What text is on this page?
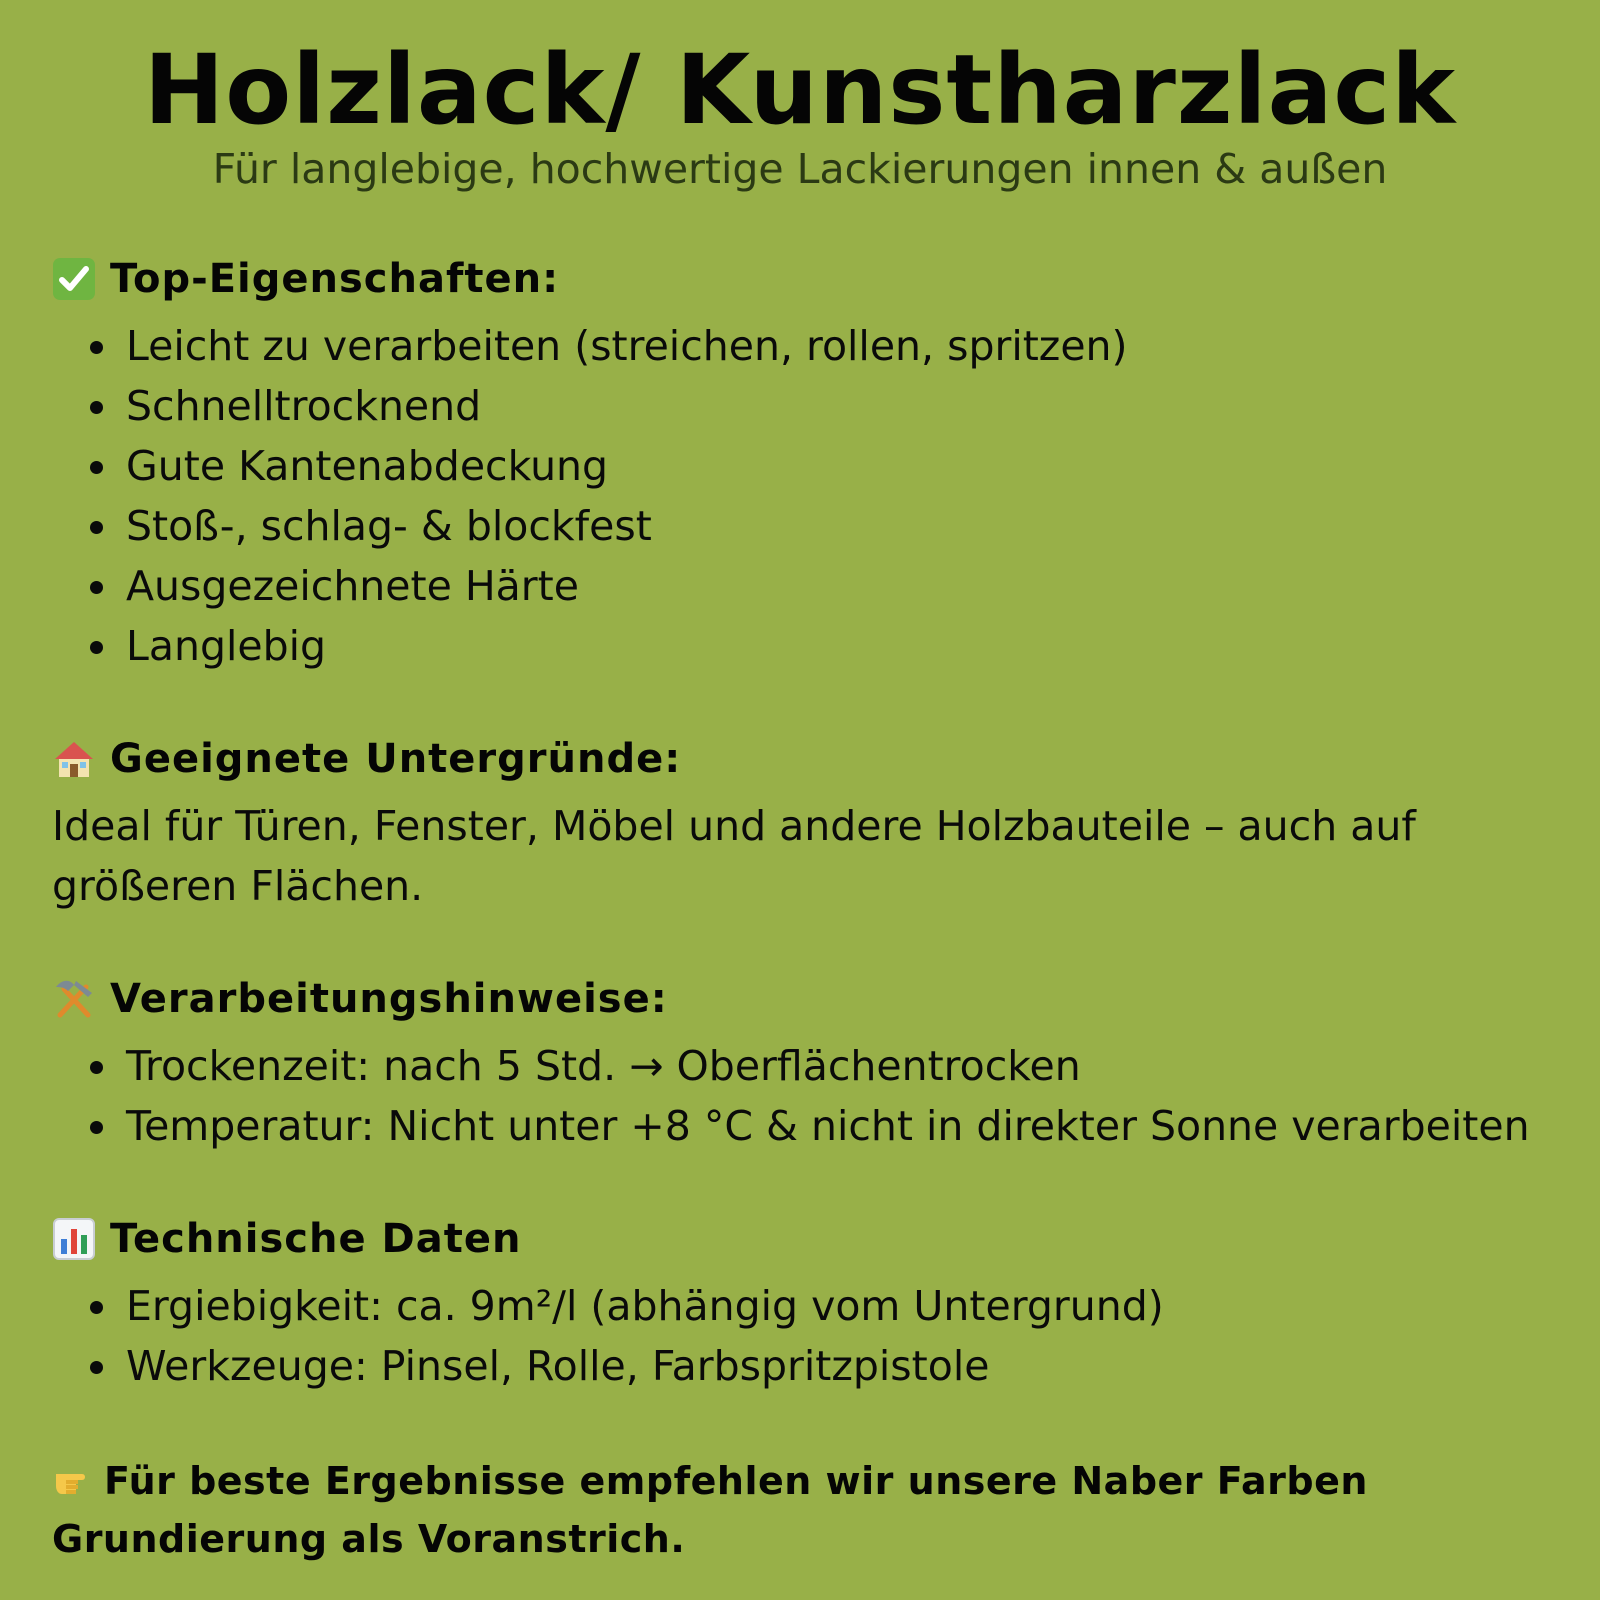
Holzlack/ Kunstharzlack
Für langlebige, hochwertige Lackierungen innen & außen
Top-Eigenschaften:
Leicht zu verarbeiten (streichen, rollen, spritzen)
Schnelltrocknend
Gute Kantenabdeckung
Stoß-, schlag- & blockfest
Ausgezeichnete Härte
Langlebig
Geeignete Untergründe:
Ideal für Türen, Fenster, Möbel und andere Holzbauteile – auch auf größeren Flächen.
Verarbeitungshinweise:
Trockenzeit: nach 5 Std. → Oberflächentrocken
Temperatur: Nicht unter +8 °C & nicht in direkter Sonne verarbeiten
Technische Daten
Ergiebigkeit: ca. 9m²/l (abhängig vom Untergrund)
Werkzeuge: Pinsel, Rolle, Farbspritzpistole
Für beste Ergebnisse empfehlen wir unsere Naber Farben Grundierung als Voranstrich.
